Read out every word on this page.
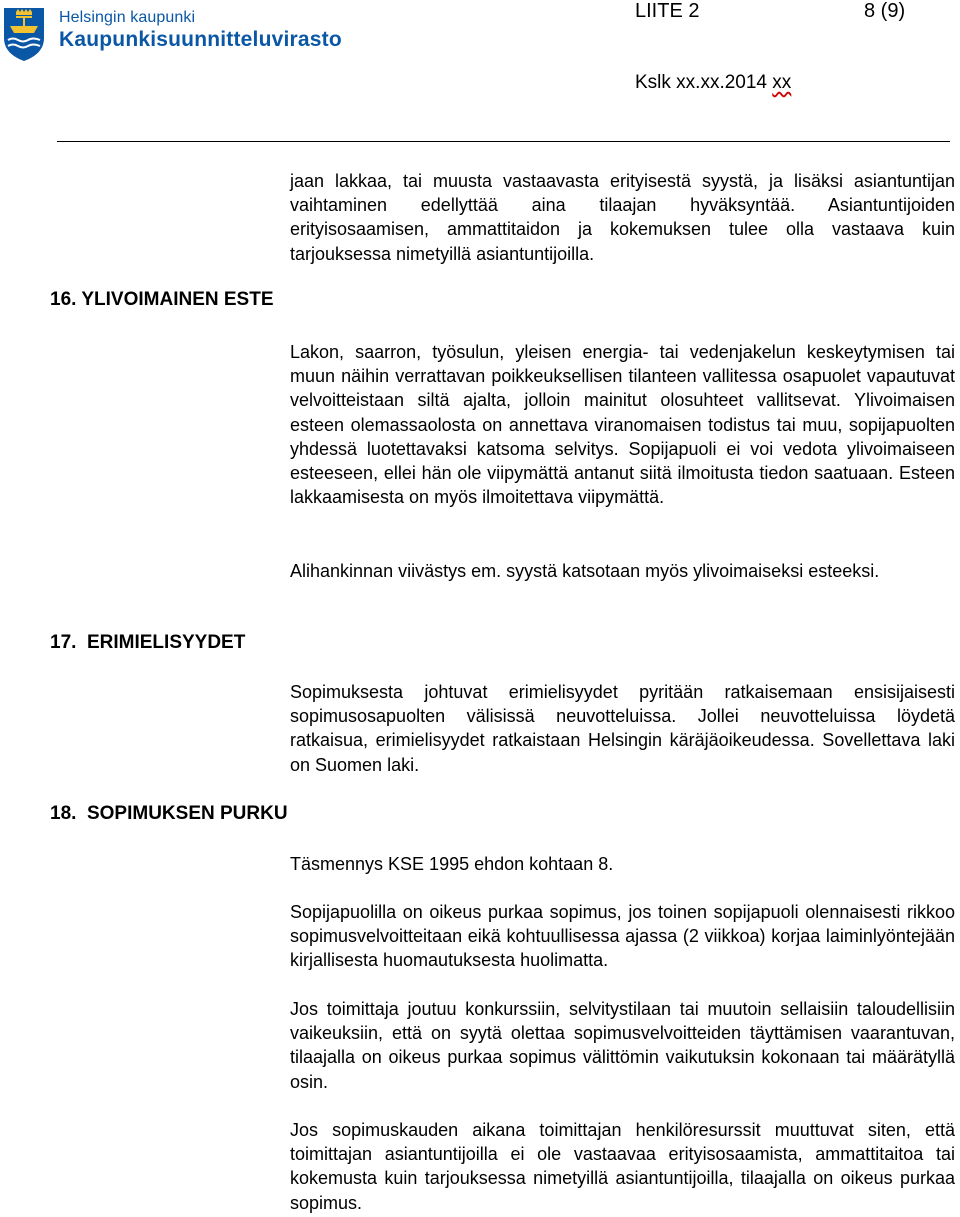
Helsingin kaupunki
Kaupunkisuunnitteluvirasto
LIITE 2	8 (9)
Kslk xx.xx.2014 xx

jaan lakkaa, tai muusta vastaavasta erityisestä syystä, ja lisäksi asiantuntijan vaihtaminen edellyttää aina tilaajan hyväksyntää. Asiantuntijoiden erityisosaamisen, ammattitaidon ja kokemuksen tulee olla vastaava kuin tarjouksessa nimetyillä asiantuntijoilla.

16. YLIVOIMAINEN ESTE

Lakon, saarron, työsulun, yleisen energia- tai vedenjakelun keskeytymisen tai muun näihin verrattavan poikkeuksellisen tilanteen vallitessa osapuolet vapautuvat velvoitteistaan siltä ajalta, jolloin mainitut olosuhteet vallitsevat. Ylivoimaisen esteen olemassaolosta on annettava viranomaisen todistus tai muu, sopijapuolten yhdessä luotettavaksi katsoma selvitys. Sopijapuoli ei voi vedota ylivoimaiseen esteeseen, ellei hän ole viipymättä antanut siitä ilmoitusta tiedon saatuaan. Esteen lakkaamisesta on myös ilmoitettava viipymättä.

Alihankinnan viivästys em. syystä katsotaan myös ylivoimaiseksi esteeksi.

17. ERIMIELISYYDET

Sopimuksesta johtuvat erimielisyydet pyritään ratkaisemaan ensisijaisesti sopimusosapuolten välisissä neuvotteluissa. Jollei neuvotteluissa löydetä ratkaisua, erimielisyydet ratkaistaan Helsingin käräjäoikeudessa. Sovellettava laki on Suomen laki.

18. SOPIMUKSEN PURKU

Täsmennys KSE 1995 ehdon kohtaan 8.

Sopijapuolilla on oikeus purkaa sopimus, jos toinen sopijapuoli olennaisesti rikkoo sopimusvelvoitteitaan eikä kohtuullisessa ajassa (2 viikkoa) korjaa laiminlyöntejään kirjallisesta huomautuksesta huolimatta.

Jos toimittaja joutuu konkurssiin, selvitystilaan tai muutoin sellaisiin taloudellisiin vaikeuksiin, että on syytä olettaa sopimusvelvoitteiden täyttämisen vaarantuvan, tilaajalla on oikeus purkaa sopimus välittömin vaikutuksin kokonaan tai määrätyllä osin.

Jos sopimuskauden aikana toimittajan henkilöresurssit muuttuvat siten, että toimittajan asiantuntijoilla ei ole vastaavaa erityisosaamista, ammattitaitoa tai kokemusta kuin tarjouksessa nimetyillä asiantuntijoilla, tilaajalla on oikeus purkaa sopimus.
